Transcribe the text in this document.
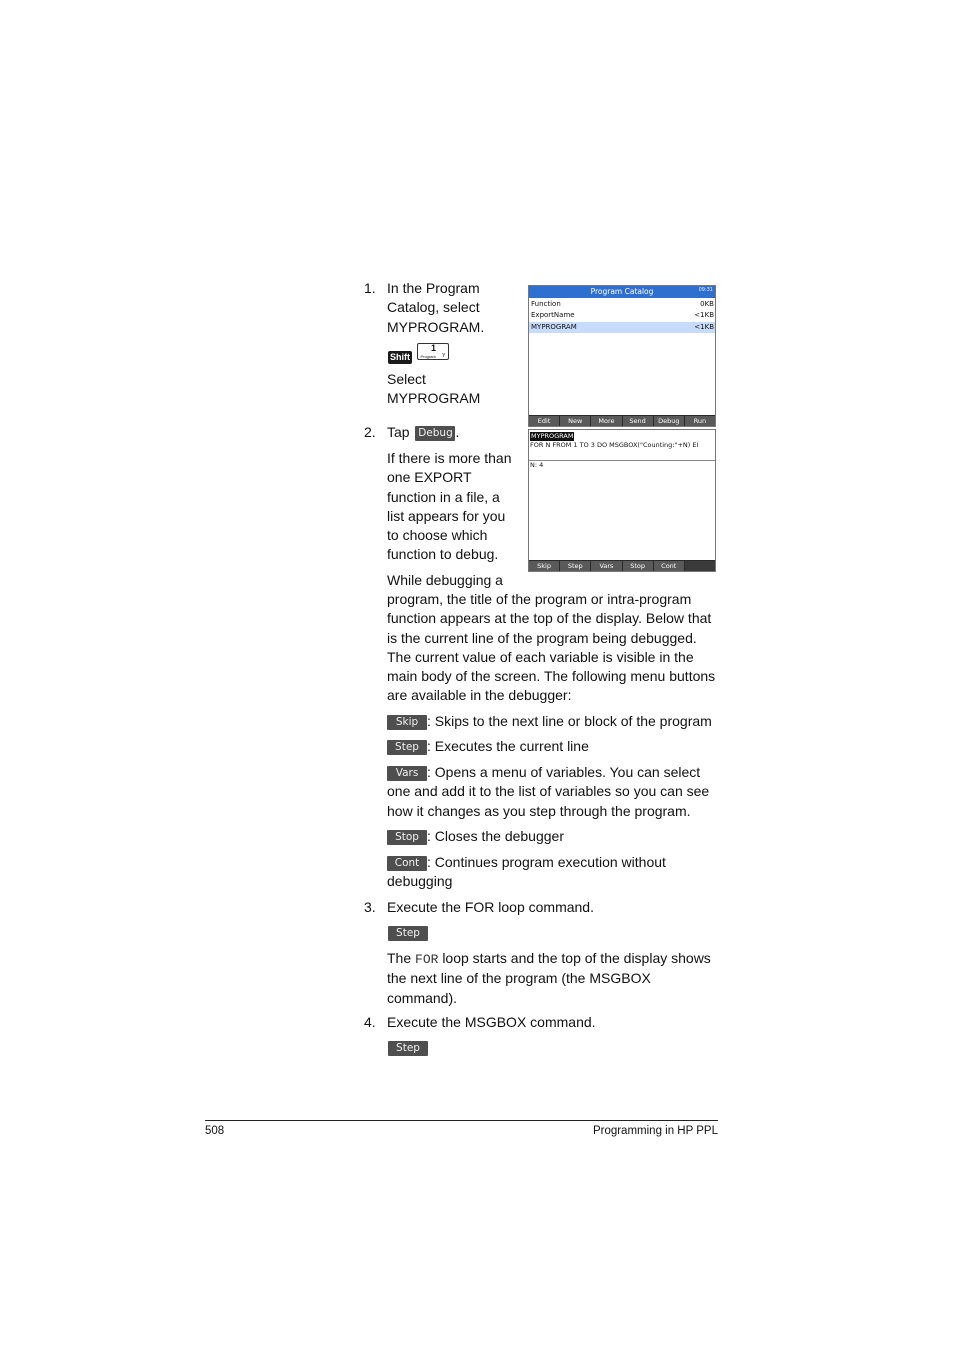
1. In the Program Catalog, select MYPROGRAM.
Shift
1
Program Y
Select MYPROGRAM
Program Catalog	09:31
Function	0KB
ExportName	<1KB
MYPROGRAM	<1KB
Edit	New	More	Send	Debug	Run
2. Tap Debug .
If there is more than one EXPORT function in a file, a list appears for you to choose which function to debug.
While debugging a
program, the title of the program or intra-program function appears at the top of the display. Below that is the current line of the program being debugged. The current value of each variable is visible in the main body of the screen. The following menu buttons are available in the debugger:
MYPROGRAM
FOR N FROM 1 TO 3 DO MSGBOX("Counting:"+N) EI
N: 4
Skip	Step	Vars	Stop	Cont
Skip : Skips to the next line or block of the program
Step : Executes the current line
Vars : Opens a menu of variables. You can select one and add it to the list of variables so you can see how it changes as you step through the program.
Stop : Closes the debugger
Cont : Continues program execution without debugging
3. Execute the FOR loop command.
Step
The FOR loop starts and the top of the display shows the next line of the program (the MSGBOX command).
4. Execute the MSGBOX command.
Step
508	Programming in HP PPL
